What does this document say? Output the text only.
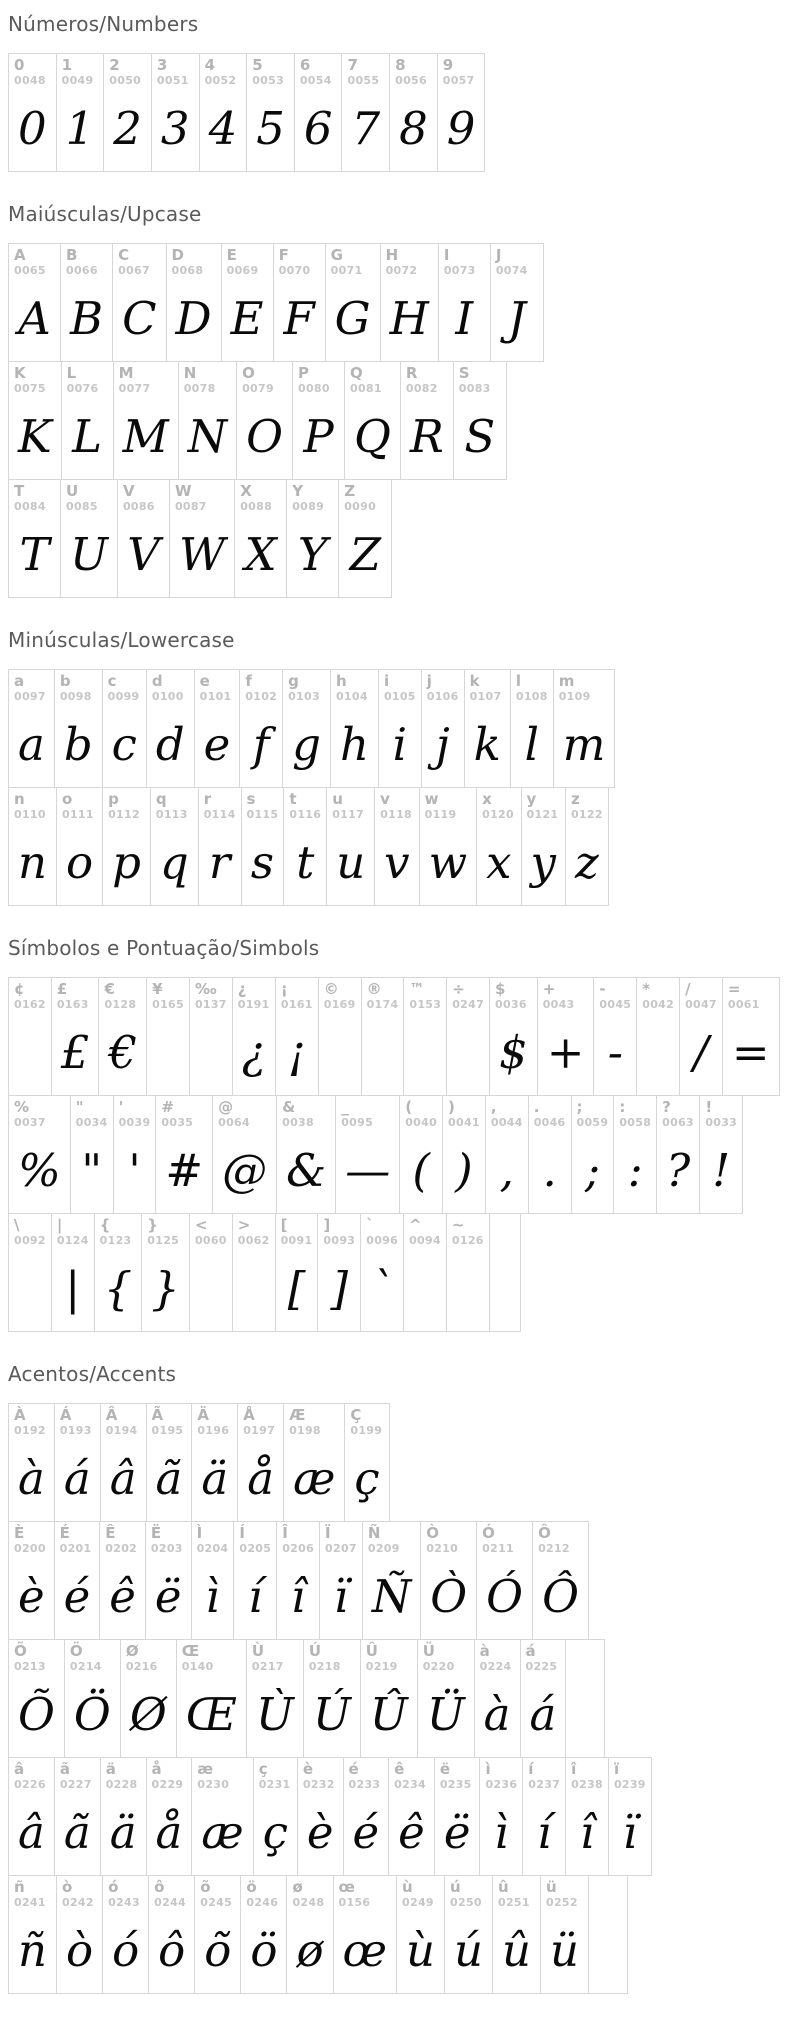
Números/Numbers
0
0048
0
1
0049
1
2
0050
2
3
0051
3
4
0052
4
5
0053
5
6
0054
6
7
0055
7
8
0056
8
9
0057
9
Maiúsculas/Upcase
A
0065
A
B
0066
B
C
0067
C
D
0068
D
E
0069
E
F
0070
F
G
0071
G
H
0072
H
I
0073
I
J
0074
J
K
0075
K
L
0076
L
M
0077
M
N
0078
N
O
0079
O
P
0080
P
Q
0081
Q
R
0082
R
S
0083
S
T
0084
T
U
0085
U
V
0086
V
W
0087
W
X
0088
X
Y
0089
Y
Z
0090
Z
Minúsculas/Lowercase
a
0097
a
b
0098
b
c
0099
c
d
0100
d
e
0101
e
f
0102
f
g
0103
g
h
0104
h
i
0105
i
j
0106
j
k
0107
k
l
0108
l
m
0109
m
n
0110
n
o
0111
o
p
0112
p
q
0113
q
r
0114
r
s
0115
s
t
0116
t
u
0117
u
v
0118
v
w
0119
w
x
0120
x
y
0121
y
z
0122
z
Símbolos e Pontuação/Simbols
¢
0162
£
0163
£
€
0128
€
¥
0165
‰
0137
¿
0191
¿
¡
0161
¡
©
0169
®
0174
™
0153
÷
0247
$
0036
$
+
0043
+
-
0045
-
*
0042
/
0047
/
=
0061
=
%
0037
%
"
0034
"
'
0039
'
#
0035
#
@
0064
@
&
0038
&
_
0095
—
(
0040
(
)
0041
)
,
0044
,
.
0046
.
;
0059
;
:
0058
:
?
0063
?
!
0033
!
\
0092
|
0124
|
{
0123
{
}
0125
}
<
0060
>
0062
[
0091
[
]
0093
]
`
0096
`
^
0094
~
0126
Acentos/Accents
À
0192
à
Á
0193
á
Â
0194
â
Ã
0195
ã
Ä
0196
ä
Å
0197
å
Æ
0198
æ
Ç
0199
ç
È
0200
è
É
0201
é
Ê
0202
ê
Ë
0203
ë
Ì
0204
ì
Í
0205
í
Î
0206
î
Ï
0207
ï
Ñ
0209
Ñ
Ò
0210
Ò
Ó
0211
Ó
Ô
0212
Ô
Õ
0213
Õ
Ö
0214
Ö
Ø
0216
Ø
Œ
0140
Œ
Ù
0217
Ù
Ú
0218
Ú
Û
0219
Û
Ü
0220
Ü
à
0224
à
á
0225
á
â
0226
â
ã
0227
ã
ä
0228
ä
å
0229
å
æ
0230
æ
ç
0231
ç
è
0232
è
é
0233
é
ê
0234
ê
ë
0235
ë
ì
0236
ì
í
0237
í
î
0238
î
ï
0239
ï
ñ
0241
ñ
ò
0242
ò
ó
0243
ó
ô
0244
ô
õ
0245
õ
ö
0246
ö
ø
0248
ø
œ
0156
œ
ù
0249
ù
ú
0250
ú
û
0251
û
ü
0252
ü
